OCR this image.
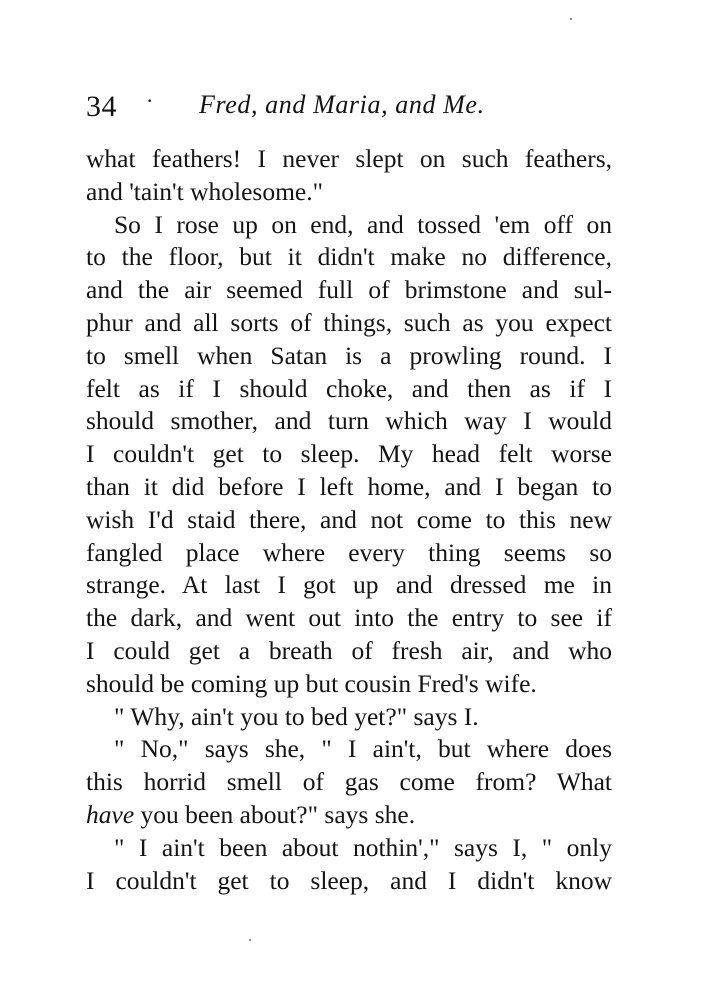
34 · Fred, and Maria, and Me.
what feathers! I never slept on such feathers,
and 'tain't wholesome."
So I rose up on end, and tossed 'em off on
to the floor, but it didn't make no difference,
and the air seemed full of brimstone and sul-
phur and all sorts of things, such as you expect
to smell when Satan is a prowling round. I
felt as if I should choke, and then as if I
should smother, and turn which way I would
I couldn't get to sleep. My head felt worse
than it did before I left home, and I began to
wish I'd staid there, and not come to this new
fangled place where every thing seems so
strange. At last I got up and dressed me in
the dark, and went out into the entry to see if
I could get a breath of fresh air, and who
should be coming up but cousin Fred's wife.
" Why, ain't you to bed yet?" says I.
" No," says she, " I ain't, but where does
this horrid smell of gas come from? What
have you been about?" says she.
" I ain't been about nothin'," says I, " only
I couldn't get to sleep, and I didn't know
